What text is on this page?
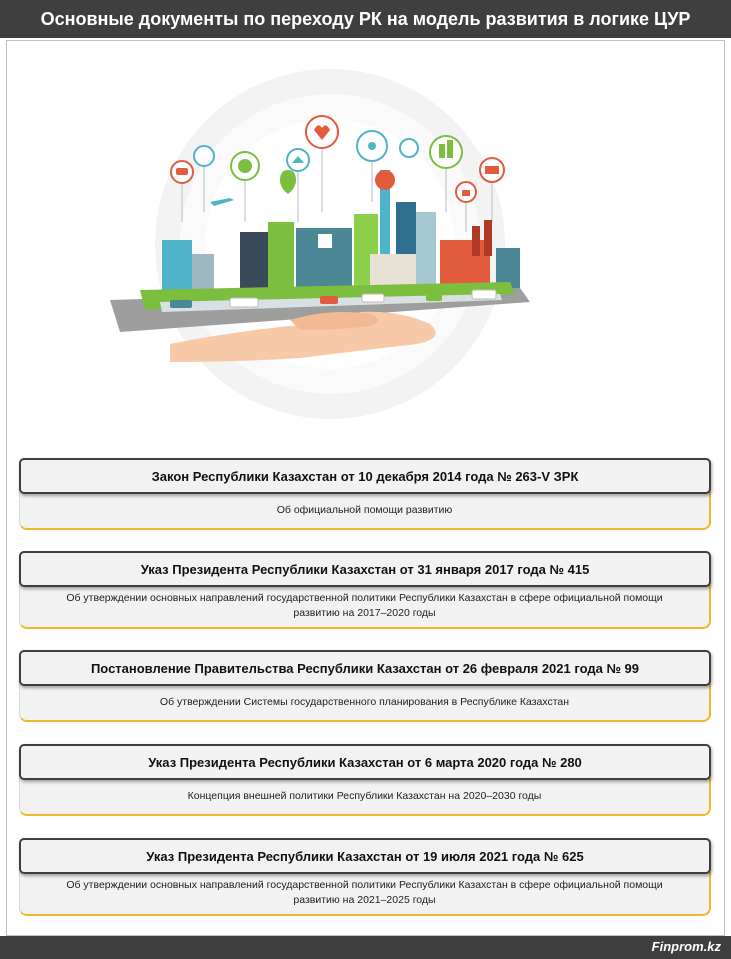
Основные документы по переходу РК на модель развития в логике ЦУР
Закон Республики Казахстан от 10 декабря 2014 года № 263-V ЗРК
Об официальной помощи развитию
Указ Президента Республики Казахстан от 31 января 2017 года № 415
Об утверждении основных направлений государственной политики Республики Казахстан в сфере официальной помощи развитию на 2017–2020 годы
Постановление Правительства Республики Казахстан от 26 февраля 2021 года № 99
Об утверждении Системы государственного планирования в Республике Казахстан
Указ Президента Республики Казахстан от 6 марта 2020 года № 280
Концепция внешней политики Республики Казахстан на 2020–2030 годы
Указ Президента Республики Казахстан от 19 июля 2021 года № 625
Об утверждении основных направлений государственной политики Республики Казахстан в сфере официальной помощи развитию на 2021–2025 годы
Finprom.kz
